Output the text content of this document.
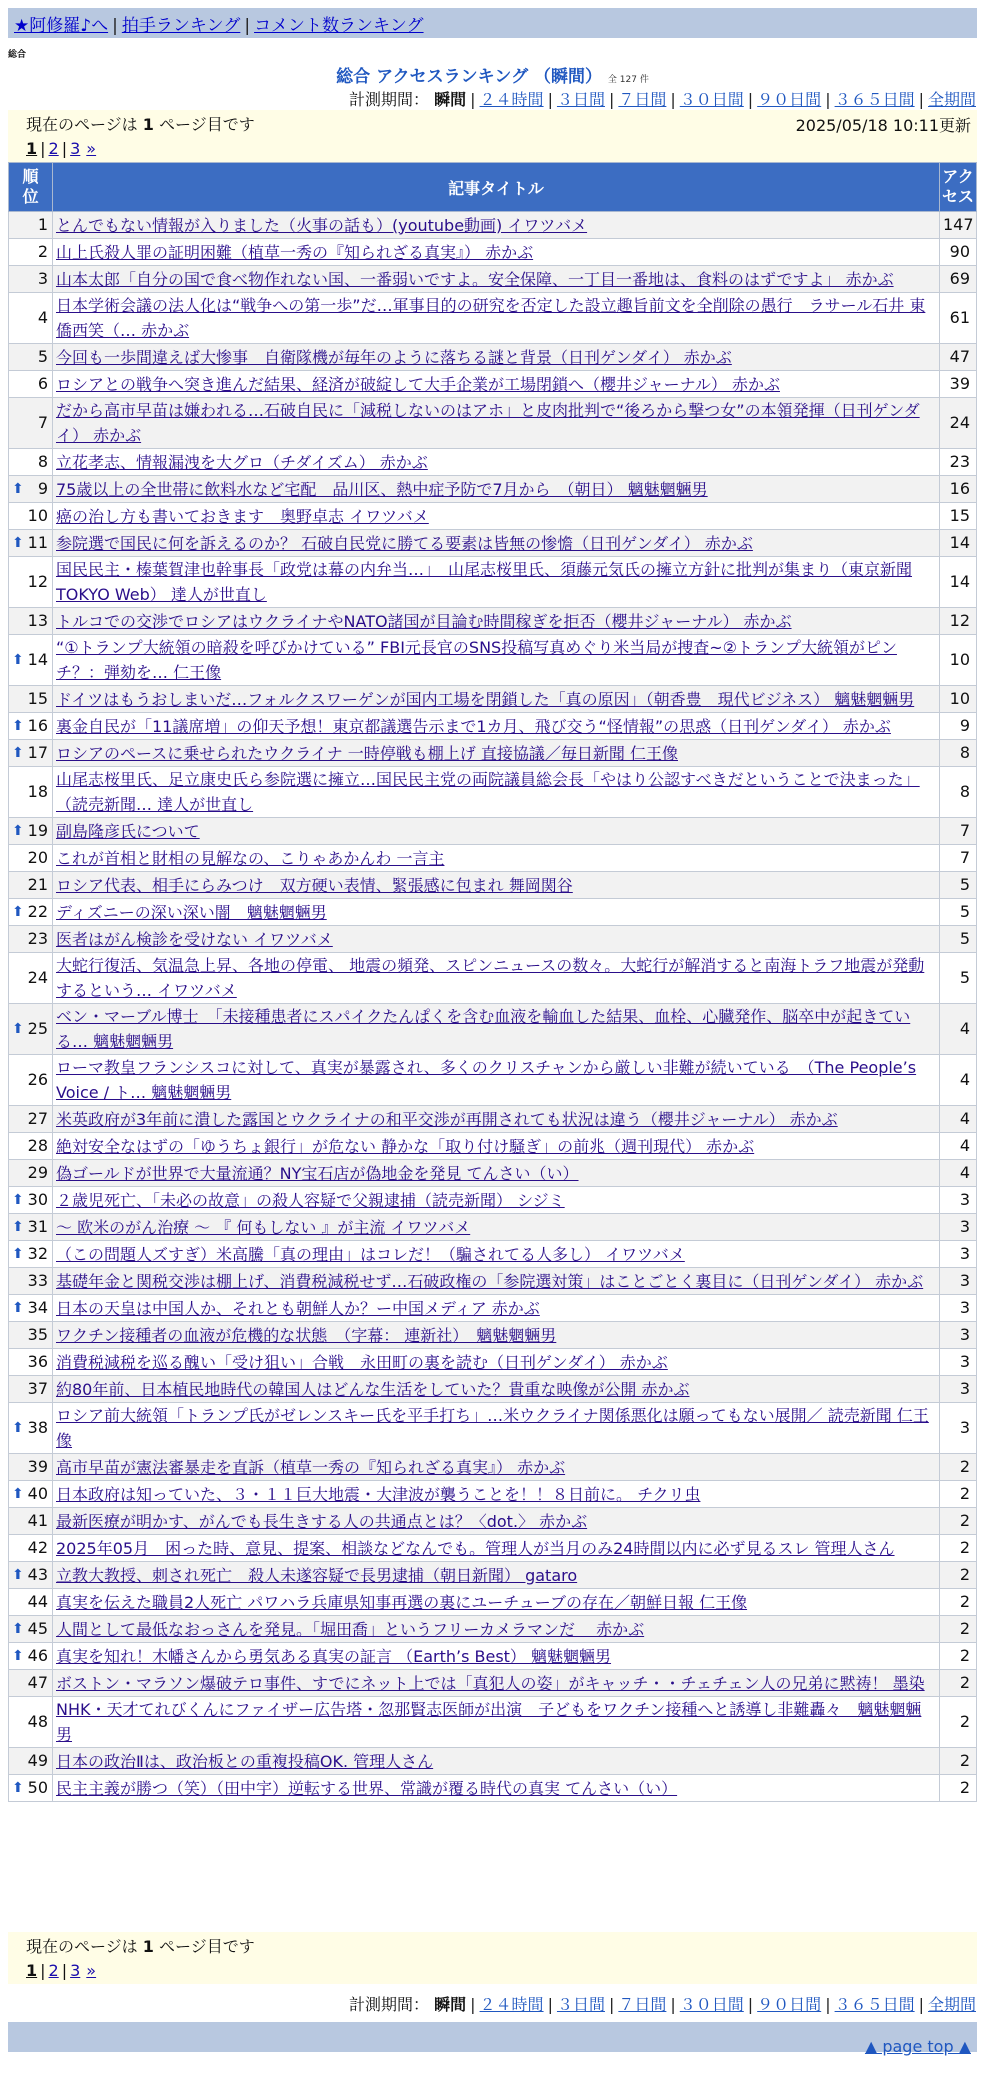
★阿修羅♪へ | 拍手ランキング | コメント数ランキング
総合
総合 アクセスランキング （瞬間） 全 127 件
計測期間： 瞬間 | ２４時間 | ３日間 | ７日間 | ３０日間 | ９０日間 | ３６５日間 | 全期間
現在のページは 1 ページ目です	2025/05/18 10:11更新
1 | 2 | 3 »
順位	記事タイトル	アクセス
1	とんでもない情報が入りました（火事の話も）(youtube動画) イワツバメ	147
2	山上氏殺人罪の証明困難（植草一秀の『知られざる真実』） 赤かぶ	90
3	山本太郎「自分の国で食べ物作れない国、一番弱いですよ。安全保障、一丁目一番地は、食料のはずですよ」 赤かぶ	69
4	日本学術会議の法人化は“戦争への第一歩”だ…軍事目的の研究を否定した設立趣旨前文を全削除の愚行　ラサール石井 東僑西笑（… 赤かぶ	61
5	今回も一歩間違えば大惨事　自衛隊機が毎年のように落ちる謎と背景（日刊ゲンダイ） 赤かぶ	47
6	ロシアとの戦争へ突き進んだ結果、経済が破綻して大手企業が工場閉鎖へ（櫻井ジャーナル） 赤かぶ	39
7	だから高市早苗は嫌われる…石破自民に「減税しないのはアホ」と皮肉批判で“後ろから撃つ女”の本領発揮（日刊ゲンダイ） 赤かぶ	24
8	立花孝志、情報漏洩を大グロ（チダイズム） 赤かぶ	23

⬆ 9	75歳以上の全世帯に飲料水など宅配　品川区、熱中症予防で7月から　（朝日） 魑魅魍魎男	16
10	癌の治し方も書いておきます　奥野卓志 イワツバメ	15

⬆ 11	参院選で国民に何を訴えるのか？ 石破自民党に勝てる要素は皆無の惨憺（日刊ゲンダイ） 赤かぶ	14
12	国民民主・榛葉賀津也幹事長「政党は幕の内弁当…」　山尾志桜里氏、須藤元気氏の擁立方針に批判が集まり（東京新聞TOKYO Web） 達人が世直し	14
13	トルコでの交渉でロシアはウクライナやNATO諸国が目論む時間稼ぎを拒否（櫻井ジャーナル） 赤かぶ	12

⬆ 14	“①トランプ大統領の暗殺を呼びかけている” FBI元長官のSNS投稿写真めぐり米当局が捜査~②トランプ大統領がピンチ？：弾劾を… 仁王像	10
15	ドイツはもうおしまいだ…フォルクスワーゲンが国内工場を閉鎖した「真の原因」（朝香豊　現代ビジネス） 魑魅魍魎男	10

⬆ 16	裏金自民が「11議席増」の仰天予想！東京都議選告示まで1カ月、飛び交う“怪情報”の思惑（日刊ゲンダイ） 赤かぶ	9

⬆ 17	ロシアのペースに乗せられたウクライナ 一時停戦も棚上げ 直接協議／毎日新聞 仁王像	8
18	山尾志桜里氏、足立康史氏ら参院選に擁立…国民民主党の両院議員総会長「やはり公認すべきだということで決まった」（読売新聞… 達人が世直し	8

⬆ 19	副島隆彦氏について	7
20	これが首相と財相の見解なの、こりゃあかんわ 一言主	7
21	ロシア代表、相手にらみつけ　双方硬い表情、緊張感に包まれ 舞岡関谷	5

⬆ 22	ディズニーの深い深い闇　魑魅魍魎男	5
23	医者はがん検診を受けない イワツバメ	5
24	大蛇行復活、気温急上昇、各地の停電、 地震の頻発、スピンニュースの数々。大蛇行が解消すると南海トラフ地震が発動するという… イワツバメ	5

⬆ 25	ベン・マーブル博士　「未接種患者にスパイクたんぱくを含む血液を輸血した結果、血栓、心臓発作、脳卒中が起きている… 魑魅魍魎男	4
26	ローマ教皇フランシスコに対して、真実が暴露され、多くのクリスチャンから厳しい非難が続いている　（The People’s Voice / ト… 魑魅魍魎男	4
27	米英政府が3年前に潰した露国とウクライナの和平交渉が再開されても状況は違う（櫻井ジャーナル） 赤かぶ	4
28	絶対安全なはずの「ゆうちょ銀行」が危ない 静かな「取り付け騒ぎ」の前兆（週刊現代） 赤かぶ	4
29	偽ゴールドが世界で大量流通？NY宝石店が偽地金を発見 てんさい（い）	4

⬆ 30	２歳児死亡、「未必の故意」の殺人容疑で父親逮捕（読売新聞） シジミ	3

⬆ 31	～ 欧米のがん治療 ～ 『 何もしない 』が主流 イワツバメ	3

⬆ 32	（この問題人ズすぎ）米高騰「真の理由」はコレだ！（騙されてる人多し） イワツバメ	3
33	基礎年金と関税交渉は棚上げ、消費税減税せず…石破政権の「参院選対策」はことごとく裏目に（日刊ゲンダイ） 赤かぶ	3

⬆ 34	日本の天皇は中国人か、それとも朝鮮人か？ー中国メディア 赤かぶ	3
35	ワクチン接種者の血液が危機的な状態　（字幕： 連新社）　魑魅魍魎男	3
36	消費税減税を巡る醜い「受け狙い」合戦　永田町の裏を読む（日刊ゲンダイ） 赤かぶ	3
37	約80年前、日本植民地時代の韓国人はどんな生活をしていた？貴重な映像が公開 赤かぶ	3

⬆ 38	ロシア前大統領「トランプ氏がゼレンスキー氏を平手打ち」…米ウクライナ関係悪化は願ってもない展開／ 読売新聞 仁王像	3
39	高市早苗が憲法審暴走を直訴（植草一秀の『知られざる真実』） 赤かぶ	2

⬆ 40	日本政府は知っていた、３・１１巨大地震・大津波が襲うことを！！８日前に。 チクリ虫	2
41	最新医療が明かす、がんでも長生きする人の共通点とは？〈dot.〉 赤かぶ	2
42	2025年05月　困った時、意見、提案、相談などなんでも。管理人が当月のみ24時間以内に必ず見るスレ 管理人さん	2

⬆ 43	立教大教授、刺され死亡　殺人未遂容疑で長男逮捕（朝日新聞） gataro	2
44	真実を伝えた職員2人死亡 パワハラ兵庫県知事再選の裏にユーチューブの存在／朝鮮日報 仁王像	2

⬆ 45	人間として最低なおっさんを発見。「堀田喬」というフリーカメラマンだ　 赤かぶ	2

⬆ 46	真実を知れ！木幡さんから勇気ある真実の証言 （Earth’s Best） 魑魅魍魎男	2
47	ボストン・マラソン爆破テロ事件、すでにネット上では「真犯人の姿」がキャッチ・・チェチェン人の兄弟に黙祷！ 墨染	2
48	NHK・天才てれびくんにファイザー広告塔・忽那賢志医師が出演　子どもをワクチン接種へと誘導し非難轟々　魑魅魍魎男	2
49	日本の政治Ⅱは、政治板との重複投稿OK. 管理人さん	2

⬆ 50	民主主義が勝つ（笑）（田中宇）逆転する世界、常識が覆る時代の真実 てんさい（い）	2
現在のページは 1 ページ目です
1 | 2 | 3 »
計測期間： 瞬間 | ２４時間 | ３日間 | ７日間 | ３０日間 | ９０日間 | ３６５日間 | 全期間
▲ page top ▲
